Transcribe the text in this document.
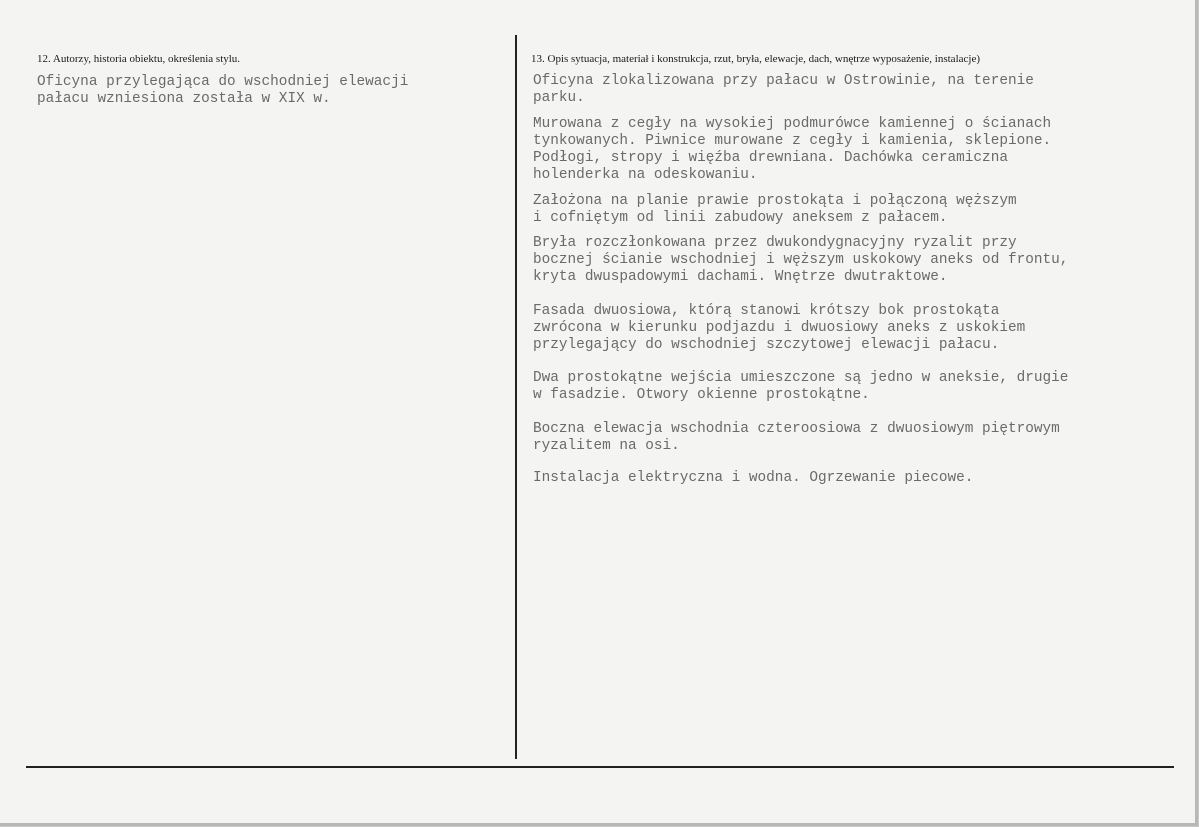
12. Autorzy, historia obiektu, określenia stylu.
Oficyna przylegająca do wschodniej elewacji
pałacu wzniesiona została w XIX w.
13. Opis sytuacja, materiał i konstrukcja, rzut, bryła, elewacje, dach, wnętrze wyposażenie, instalacje)
Oficyna zlokalizowana przy pałacu w Ostrowinie, na terenie
parku.
Murowana z cegły na wysokiej podmurówce kamiennej o ścianach
tynkowanych. Piwnice murowane z cegły i kamienia, sklepione.
Podłogi, stropy i więźba drewniana. Dachówka ceramiczna
holenderka na odeskowaniu.
Założona na planie prawie prostokąta i połączoną węższym
i cofniętym od linii zabudowy aneksem z pałacem.
Bryła rozczłonkowana przez dwukondygnacyjny ryzalit przy
bocznej ścianie wschodniej i węższym uskokowy aneks od frontu,
kryta dwuspadowymi dachami. Wnętrze dwutraktowe.
Fasada dwuosiowa, którą stanowi krótszy bok prostokąta
zwrócona w kierunku podjazdu i dwuosiowy aneks z uskokiem
przylegający do wschodniej szczytowej elewacji pałacu.
Dwa prostokątne wejścia umieszczone są jedno w aneksie, drugie
w fasadzie. Otwory okienne prostokątne.
Boczna elewacja wschodnia czteroosiowa z dwuosiowym piętrowym
ryzalitem na osi.
Instalacja elektryczna i wodna. Ogrzewanie piecowe.
